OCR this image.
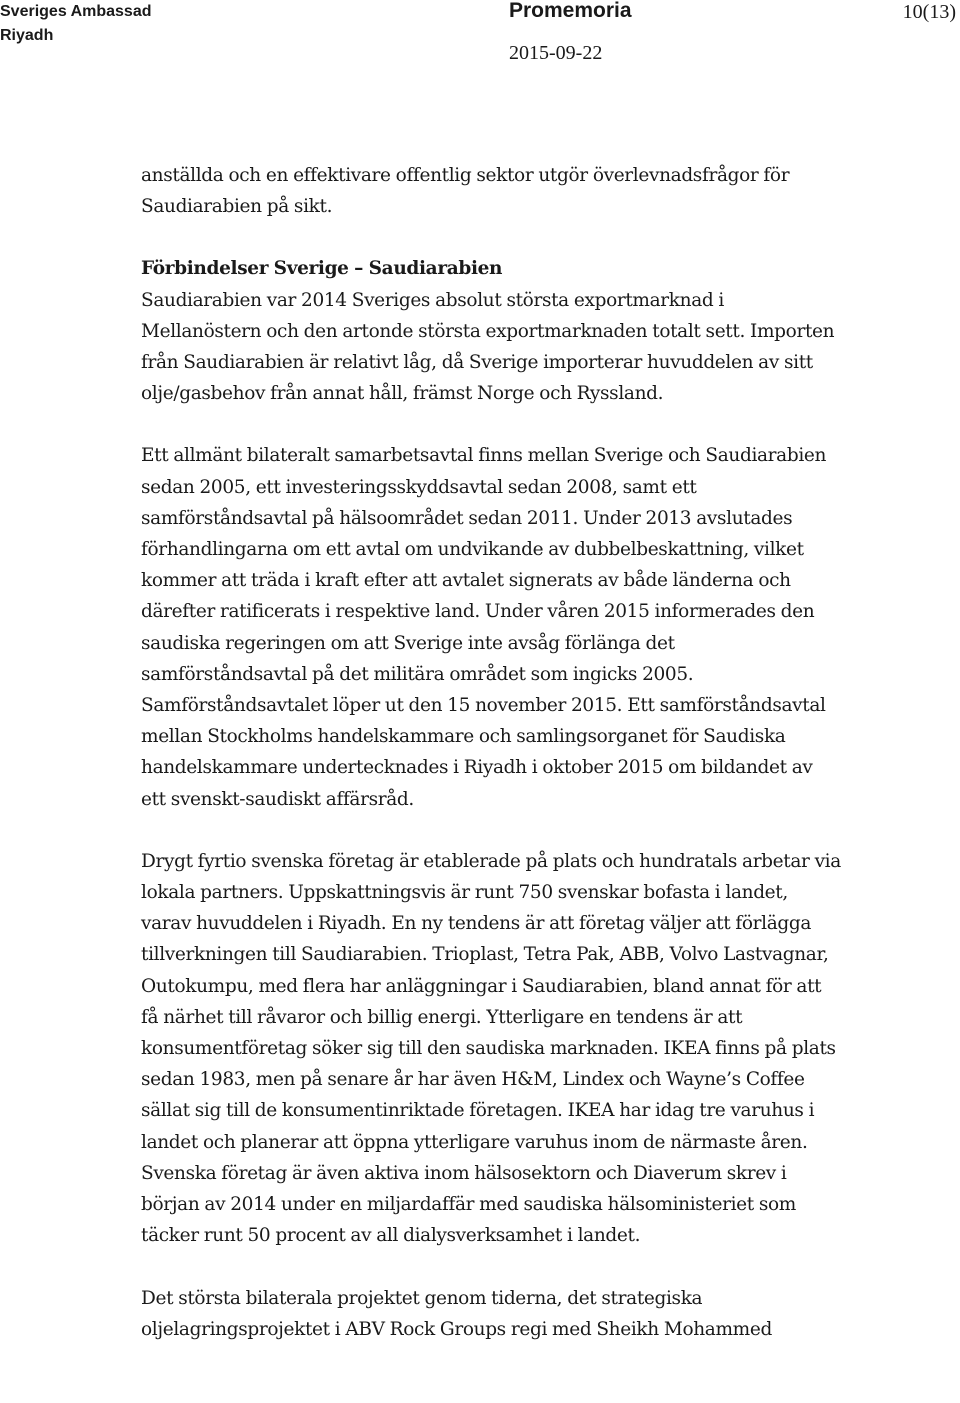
Sveriges Ambassad
Riyadh
Promemoria	10(13)
2015-09-22

anställda och en effektivare offentlig sektor utgör överlevnadsfrågor för Saudiarabien på sikt.

Förbindelser Sverige – Saudiarabien

Saudiarabien var 2014 Sveriges absolut största exportmarknad i Mellanöstern och den artonde största exportmarknaden totalt sett. Importen från Saudiarabien är relativt låg, då Sverige importerar huvuddelen av sitt olje/gasbehov från annat håll, främst Norge och Ryssland.

Ett allmänt bilateralt samarbetsavtal finns mellan Sverige och Saudiarabien sedan 2005, ett investeringsskyddsavtal sedan 2008, samt ett samförståndsavtal på hälsoområdet sedan 2011. Under 2013 avslutades förhandlingarna om ett avtal om undvikande av dubbelbeskattning, vilket kommer att träda i kraft efter att avtalet signerats av både länderna och därefter ratificerats i respektive land. Under våren 2015 informerades den saudiska regeringen om att Sverige inte avsåg förlänga det samförståndsavtal på det militära området som ingicks 2005. Samförståndsavtalet löper ut den 15 november 2015. Ett samförståndsavtal mellan Stockholms handelskammare och samlingsorganet för Saudiska handelskammare undertecknades i Riyadh i oktober 2015 om bildandet av ett svenskt-saudiskt affärsråd.

Drygt fyrtio svenska företag är etablerade på plats och hundratals arbetar via lokala partners. Uppskattningsvis är runt 750 svenskar bofasta i landet, varav huvuddelen i Riyadh. En ny tendens är att företag väljer att förlägga tillverkningen till Saudiarabien. Trioplast, Tetra Pak, ABB, Volvo Lastvagnar, Outokumpu, med flera har anläggningar i Saudiarabien, bland annat för att få närhet till råvaror och billig energi. Ytterligare en tendens är att konsumentföretag söker sig till den saudiska marknaden. IKEA finns på plats sedan 1983, men på senare år har även H&M, Lindex och Wayne’s Coffee sällat sig till de konsumentinriktade företagen. IKEA har idag tre varuhus i landet och planerar att öppna ytterligare varuhus inom de närmaste åren. Svenska företag är även aktiva inom hälsosektorn och Diaverum skrev i början av 2014 under en miljardaffär med saudiska hälsoministeriet som täcker runt 50 procent av all dialysverksamhet i landet.

Det största bilaterala projektet genom tiderna, det strategiska oljelagringsprojektet i ABV Rock Groups regi med Sheikh Mohammed
